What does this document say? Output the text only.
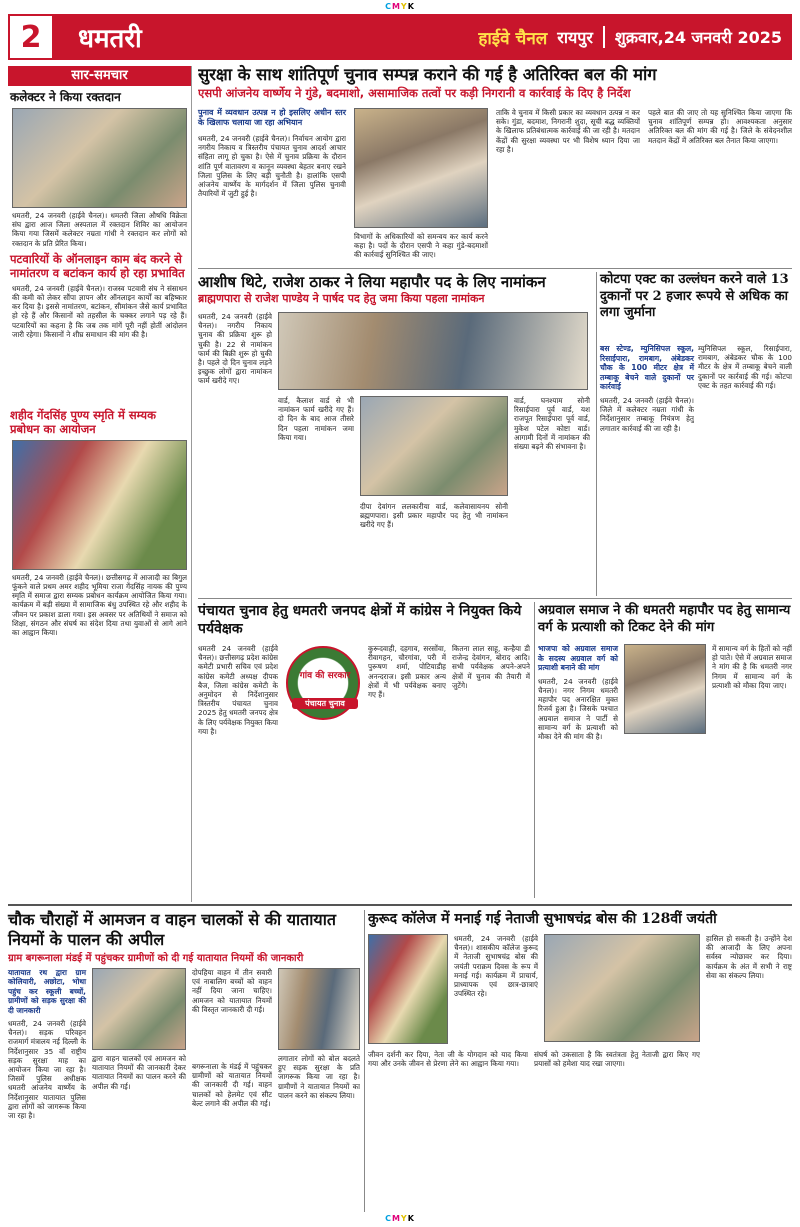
CMYK
2	धमतरी	हाईवे चैनल रायपुर शुक्रवार,24 जनवरी 2025
सार-समचार
कलेक्टर ने किया रक्तदान
धमतरी, 24 जनवरी (हाईवे चैनल)। धमतरी जिला औषधि विक्रेता संघ द्वारा आज जिला अस्पताल में रक्तदान शिविर का आयोजन किया गया जिसमें कलेक्टर नम्रता गांधी ने रक्तदान कर लोगों को रक्तदान के प्रति प्रेरित किया।
पटवारियों के ऑनलाइन काम बंद करने से नामांतरण व बटांकन कार्य हो रहा प्रभावित
धमतरी, 24 जनवरी (हाईवे चैनल)। राजस्व पटवारी संघ ने संसाधन की कमी को लेकर सौंपा ज्ञापन और ऑनलाइन कार्यों का बहिष्कार कर दिया है। इससे नामांतरण, बटांकन, सीमांकन जैसे कार्य प्रभावित हो रहे हैं और किसानों को तहसील के चक्कर लगाने पड़ रहे हैं। पटवारियों का कहना है कि जब तक मांगें पूरी नहीं होतीं आंदोलन जारी रहेगा। किसानों ने शीघ्र समाधान की मांग की है।
शहीद गेंदसिंह पुण्य स्मृति में सम्यक प्रबोधन का आयोजन
धमतरी, 24 जनवरी (हाईवे चैनल)। छत्तीसगढ़ में आजादी का बिगुल फूंकने वाले प्रथम अमर शहीद भूमिया राजा गेंदसिंह नायक की पुण्य स्मृति में समाज द्वारा सम्यक प्रबोधन कार्यक्रम आयोजित किया गया। कार्यक्रम में बड़ी संख्या में सामाजिक बंधु उपस्थित रहे और शहीद के जीवन पर प्रकाश डाला गया। इस अवसर पर अतिथियों ने समाज को शिक्षा, संगठन और संघर्ष का संदेश दिया तथा युवाओं से आगे आने का आह्वान किया।
सुरक्षा के साथ शांतिपूर्ण चुनाव सम्पन्न कराने की गई है अतिरिक्त बल की मांग
एसपी आंजनेय वार्ष्णेय ने गुंडे, बदमाशो, असामाजिक तत्वों पर कड़ी निगरानी व कार्रवाई के दिए है निर्देश
पुनाव में व्यवधान उत्पन्न न हो इसलिए अधीन स्तर के खिलाफ चलाया जा रहा अभियान
धमतरी, 24 जनवरी (हाईवे चैनल)। निर्वाचन आयोग द्वारा नगरीय निकाय व त्रिस्तरीय पंचायत चुनाव आदर्श आचार संहिता लागू हो चुका है। ऐसे में चुनाव प्रक्रिया के दौरान शांति पूर्ण वातावरण व कानून व्यवस्था बेहतर बनाए रखने जिला पुलिस के लिए बड़ी चुनौती है। हालांकि एसपी आंजनेय वार्ष्णेय के मार्गदर्शन में जिला पुलिस चुनावी तैयारियों में जुटी हुई है।
विभागों के अधिकारियों को समन्वय कर कार्य करने कहा है। पदों के दौरान एसपी ने कहा गुंडे-बदमाशों की कार्रवाई सुनिश्चित की जाए।
ताकि वे चुनाव में किसी प्रकार का व्यवधान उत्पन्न न कर सके। गुंडा, बदमाश, निगरानी शुदा, सूची बद्ध व्यक्तियों के खिलाफ प्रतिबंधात्मक कार्रवाई की जा रही है। मतदान केंद्रों की सुरक्षा व्यवस्था पर भी विशेष ध्यान दिया जा रहा है।
पहले बात की जाए तो यह सुनिश्चित किया जाएगा कि चुनाव शांतिपूर्ण सम्पन्न हो। आवश्यकता अनुसार अतिरिक्त बल की मांग की गई है। जिले के संवेदनशील मतदान केंद्रों में अतिरिक्त बल तैनात किया जाएगा।
आशीष थिटे, राजेश ठाकर ने लिया महापौर पद के लिए नामांकन
ब्राह्मणपारा से राजेश पाण्डेय ने पार्षद पद हेतु जमा किया पहला नामांकन
धमतरी, 24 जनवरी (हाईवे चैनल)। नगरीय निकाय चुनाव की प्रक्रिया शुरू हो चुकी है। 22 से नामांकन फार्म की बिक्री शुरू हो चुकी है। पहले दो दिन चुनाव लड़ने इच्छुक लोगों द्वारा नामांकन फार्म खरीदे गए।
वार्ड, कैलाश वार्ड से भी नामांकन फार्म खरीदे गए हैं। दो दिन के बाद आज तीसरे दिन पहला नामांकन जमा किया गया।
दीपा देवांगन ललकारीया वार्ड, कलेवासायनय सोनी ब्रह्मणपारा। इसी प्रकार महापौर पद हेतु भी नामांकन खरीदे गए हैं।
वार्ड, घनश्याम सोनी रिसाईपारा पूर्व वार्ड, यश राजपूत रिसाईपारा पूर्व वार्ड, मुकेश पटेल कोष्टा वार्ड। आगामी दिनों में नामांकन की संख्या बढ़ने की संभावना है।
कोटपा एक्ट का उल्लंघन करने वाले 13 दुकानों पर 2 हजार रूपये से अधिक का लगा जुर्माना
बस स्टेण्ड, म्युनिसिपल स्कूल, रिसाईपारा, रामबाग, अंबेडकर चौक के 100 मीटर क्षेत्र में तम्बाकू बेचने वाले दुकानों पर कार्रवाई
धमतरी, 24 जनवरी (हाईवे चैनल)। जिले में कलेक्टर नम्रता गांधी के निर्देशानुसार तम्बाकू नियंत्रण हेतु लगातार कार्रवाई की जा रही है।
म्युनिसिपल स्कूल, रिसाईपारा, रामबाग, अंबेडकर चौक के 100 मीटर के क्षेत्र में तम्बाकू बेचने वाली दुकानों पर कार्रवाई की गई। कोटपा एक्ट के तहत कार्रवाई की गई।
पंचायत चुनाव हेतु धमतरी जनपद क्षेत्रों में कांग्रेस ने नियुक्त किये पर्यवेक्षक
धमतरी 24 जनवरी (हाईवे चैनल)। छत्तीसगढ़ प्रदेश कांग्रेस कमेटी प्रभारी सचिव एवं प्रदेश कांग्रेस कमेटी अध्यक्ष दीपक बैज, जिला कांग्रेस कमेटी के अनुमोदन से निर्देशानुसार त्रिस्तरीय पंचायत चुनाव 2025 हेतु धमतरी जनपद क्षेत्र के लिए पर्यवेक्षक नियुक्त किया गया है।
गांव की सरकार
पंचायत चुनाव
कुरूदवाही, दहगाव, सरसोंवा, रीवागहन, चौरगांवा, परी में पुरूषण शर्मा, पोटियाडीह अनन्दराज। इसी प्रकार अन्य क्षेत्रों में भी पर्यवेक्षक बनाए गए हैं।
कितना लाल साहू, कन्हैया डी राजेन्द्र देवांगन, बोराद आदि। सभी पर्यवेक्षक अपने-अपने क्षेत्रों में चुनाव की तैयारी में जुटेंगे।
अग्रवाल समाज ने की धमतरी महापौर पद हेतु सामान्य वर्ग के प्रत्याशी को टिकट देने की मांग
भाजपा को अग्रवाल समाज के सदस्य अग्रवाल वर्ग को प्रत्याशी बनाने की मांग
धमतरी, 24 जनवरी (हाईवे चैनल)। नगर निगम धमतरी महापौर पद अनारक्षित मुक्त रिजर्व हुआ है। जिसके पश्चात अग्रवाल समाज ने पार्टी से सामान्य वर्ग के प्रत्याशी को मौका देने की मांग की है।
में सामान्य वर्ग के हितों को नहीं हो पाते। ऐसे में अग्रवाल समाज ने मांग की है कि धमतरी नगर निगम में सामान्य वर्ग के प्रत्याशी को मौका दिया जाए।
चौक चौराहों में आमजन व वाहन चालकों से की यातायात नियमों के पालन की अपील
ग्राम बगरूनाला मंडई में पहुंचकर ग्रामीणों को दी गई यातायात नियमों की जानकारी
यातायात रथ द्वारा ग्राम कोलियारी, अछोटा, भोथा पहुंच कर स्कूली बच्चों, ग्रामीणों को सड़क सुरक्षा की दी जानकारी
धमतरी, 24 जनवरी (हाईवे चैनल)। सड़क परिवहन राजमार्ग मंत्रालय नई दिल्ली के निर्देशानुसार 35 वाँ राष्ट्रीय सड़क सुरक्षा माह का आयोजन किया जा रहा है। जिसमें पुलिस अधीक्षक धमतरी आंजनेय वार्ष्णेय के निर्देशानुसार यातायात पुलिस द्वारा लोगों को जागरूक किया जा रहा है।
द्वारा वाहन चालकों एवं आमजन को यातायात नियमों की जानकारी देकर यातायात नियमों का पालन करने की अपील की गई।
दोपहिया वाहन में तीन सवारी एवं नाबालिग बच्चों को वाहन नहीं दिया जाना चाहिए। आमजन को यातायात नियमों की विस्तृत जानकारी दी गई।
बगरूनाला के मंडई में पहुंचकर ग्रामीणों को यातायात नियमों की जानकारी दी गई। वाहन चालकों को हेलमेट एवं सीट बेल्ट लगाने की अपील की गई।
लगातार लोगों को बोल बदलते हुए सड़क सुरक्षा के प्रति जागरूक किया जा रहा है। ग्रामीणों ने यातायात नियमों का पालन करने का संकल्प लिया।
कुरूद कॉलेज में मनाई गई नेताजी सुभाषचंद्र बोस की 128वीं जयंती
धमतरी, 24 जनवरी (हाईवे चैनल)। शासकीय कॉलेज कुरूद में नेताजी सुभाषचंद्र बोस की जयंती पराक्रम दिवस के रूप में मनाई गई। कार्यक्रम में प्राचार्य, प्राध्यापक एवं छात्र-छात्राएं उपस्थित रहे।
जीवन दर्शनी कर दिया, नेता जी के योगदान को याद किया गया और उनके जीवन से प्रेरणा लेने का आह्वान किया गया।
संघर्ष को उकसाता है कि स्वतंत्रता हेतु नेताजी द्वारा किए गए प्रयासों को हमेशा याद रखा जाएगा।
हासिल हो सकती है। उन्होंने देश की आजादी के लिए अपना सर्वस्व न्योछावर कर दिया। कार्यक्रम के अंत में सभी ने राष्ट्र सेवा का संकल्प लिया।
CMYK
